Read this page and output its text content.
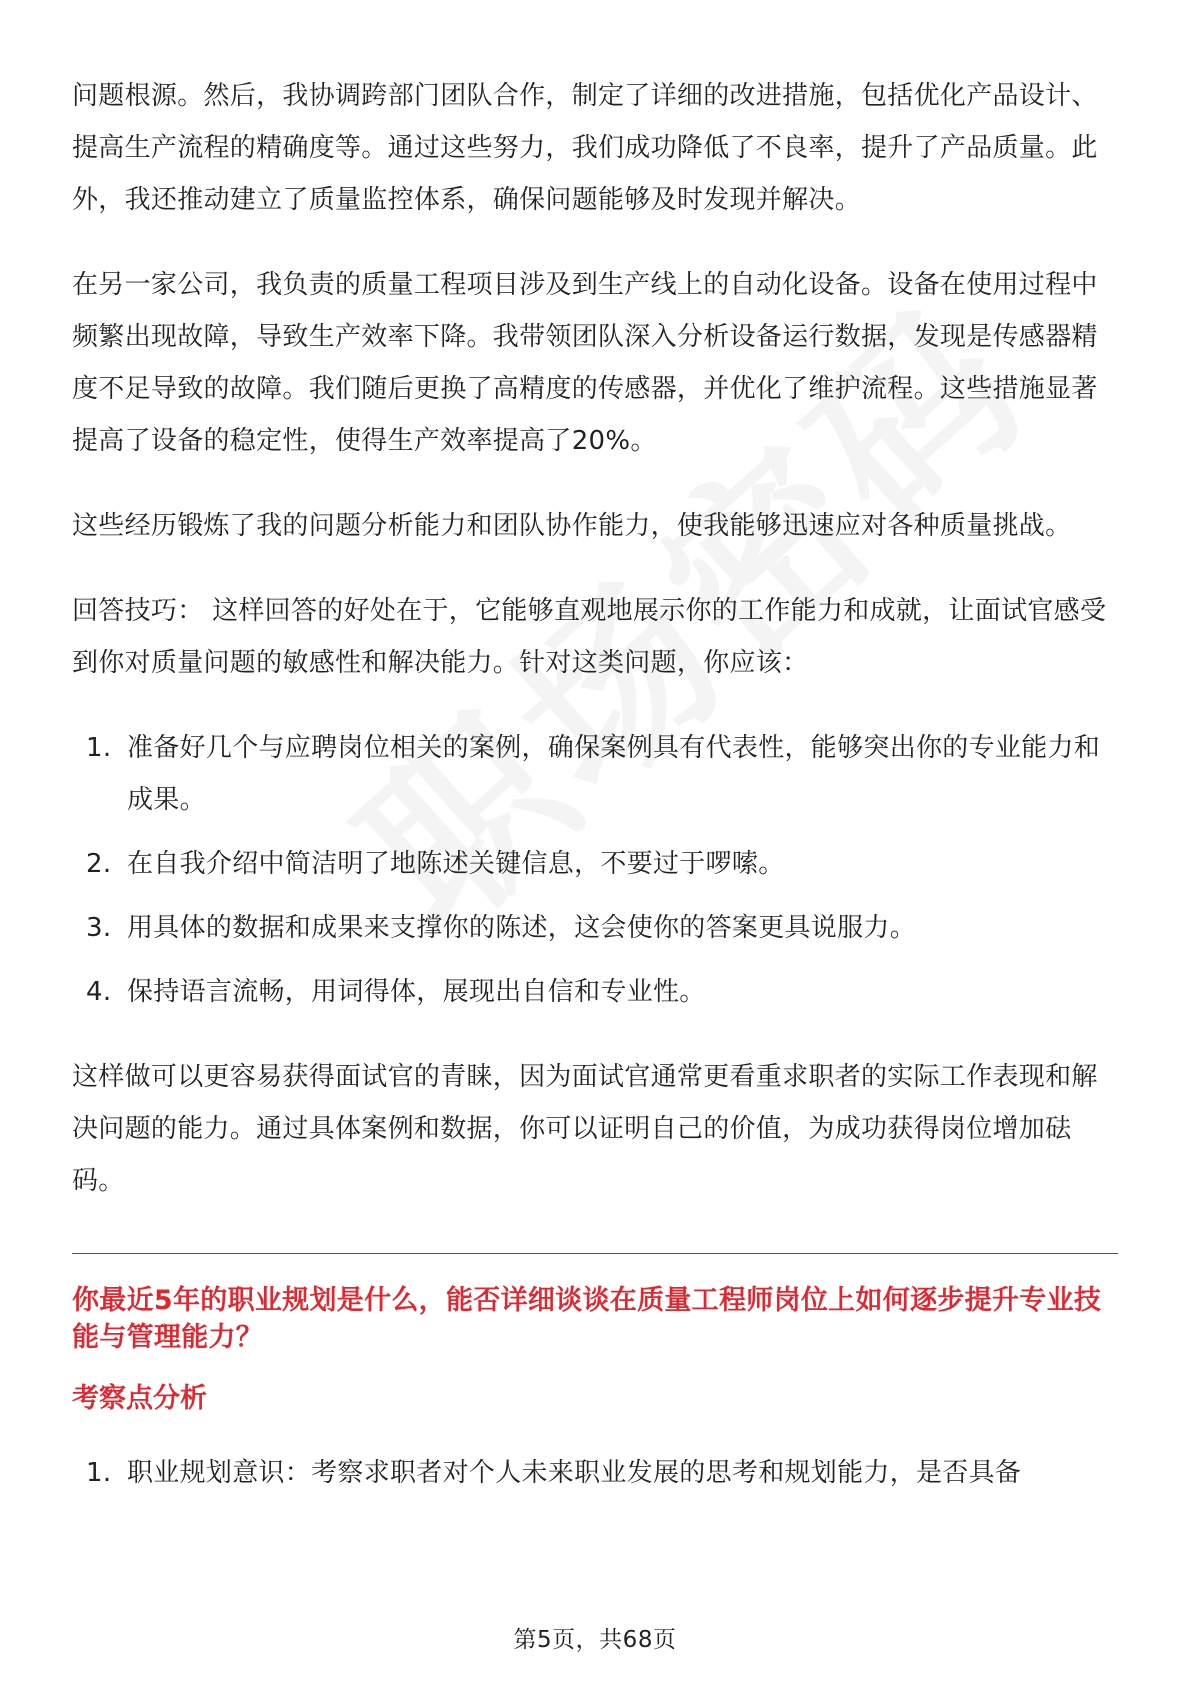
问题根源。然后，我协调跨部门团队合作，制定了详细的改进措施，包括优化产品设计、提高生产流程的精确度等。通过这些努力，我们成功降低了不良率，提升了产品质量。此外，我还推动建立了质量监控体系，确保问题能够及时发现并解决。

在另一家公司，我负责的质量工程项目涉及到生产线上的自动化设备。设备在使用过程中频繁出现故障，导致生产效率下降。我带领团队深入分析设备运行数据，发现是传感器精度不足导致的故障。我们随后更换了高精度的传感器，并优化了维护流程。这些措施显著提高了设备的稳定性，使得生产效率提高了20%。

这些经历锻炼了我的问题分析能力和团队协作能力，使我能够迅速应对各种质量挑战。

回答技巧： 这样回答的好处在于，它能够直观地展示你的工作能力和成就，让面试官感受到你对质量问题的敏感性和解决能力。针对这类问题，你应该：

1. 准备好几个与应聘岗位相关的案例，确保案例具有代表性，能够突出你的专业能力和成果。
2. 在自我介绍中简洁明了地陈述关键信息，不要过于啰嗦。
3. 用具体的数据和成果来支撑你的陈述，这会使你的答案更具说服力。
4. 保持语言流畅，用词得体，展现出自信和专业性。

这样做可以更容易获得面试官的青睐，因为面试官通常更看重求职者的实际工作表现和解决问题的能力。通过具体案例和数据，你可以证明自己的价值，为成功获得岗位增加砝码。

你最近5年的职业规划是什么，能否详细谈谈在质量工程师岗位上如何逐步提升专业技能与管理能力？
考察点分析
1. 职业规划意识：考察求职者对个人未来职业发展的思考和规划能力，是否具备
第5页，共68页
